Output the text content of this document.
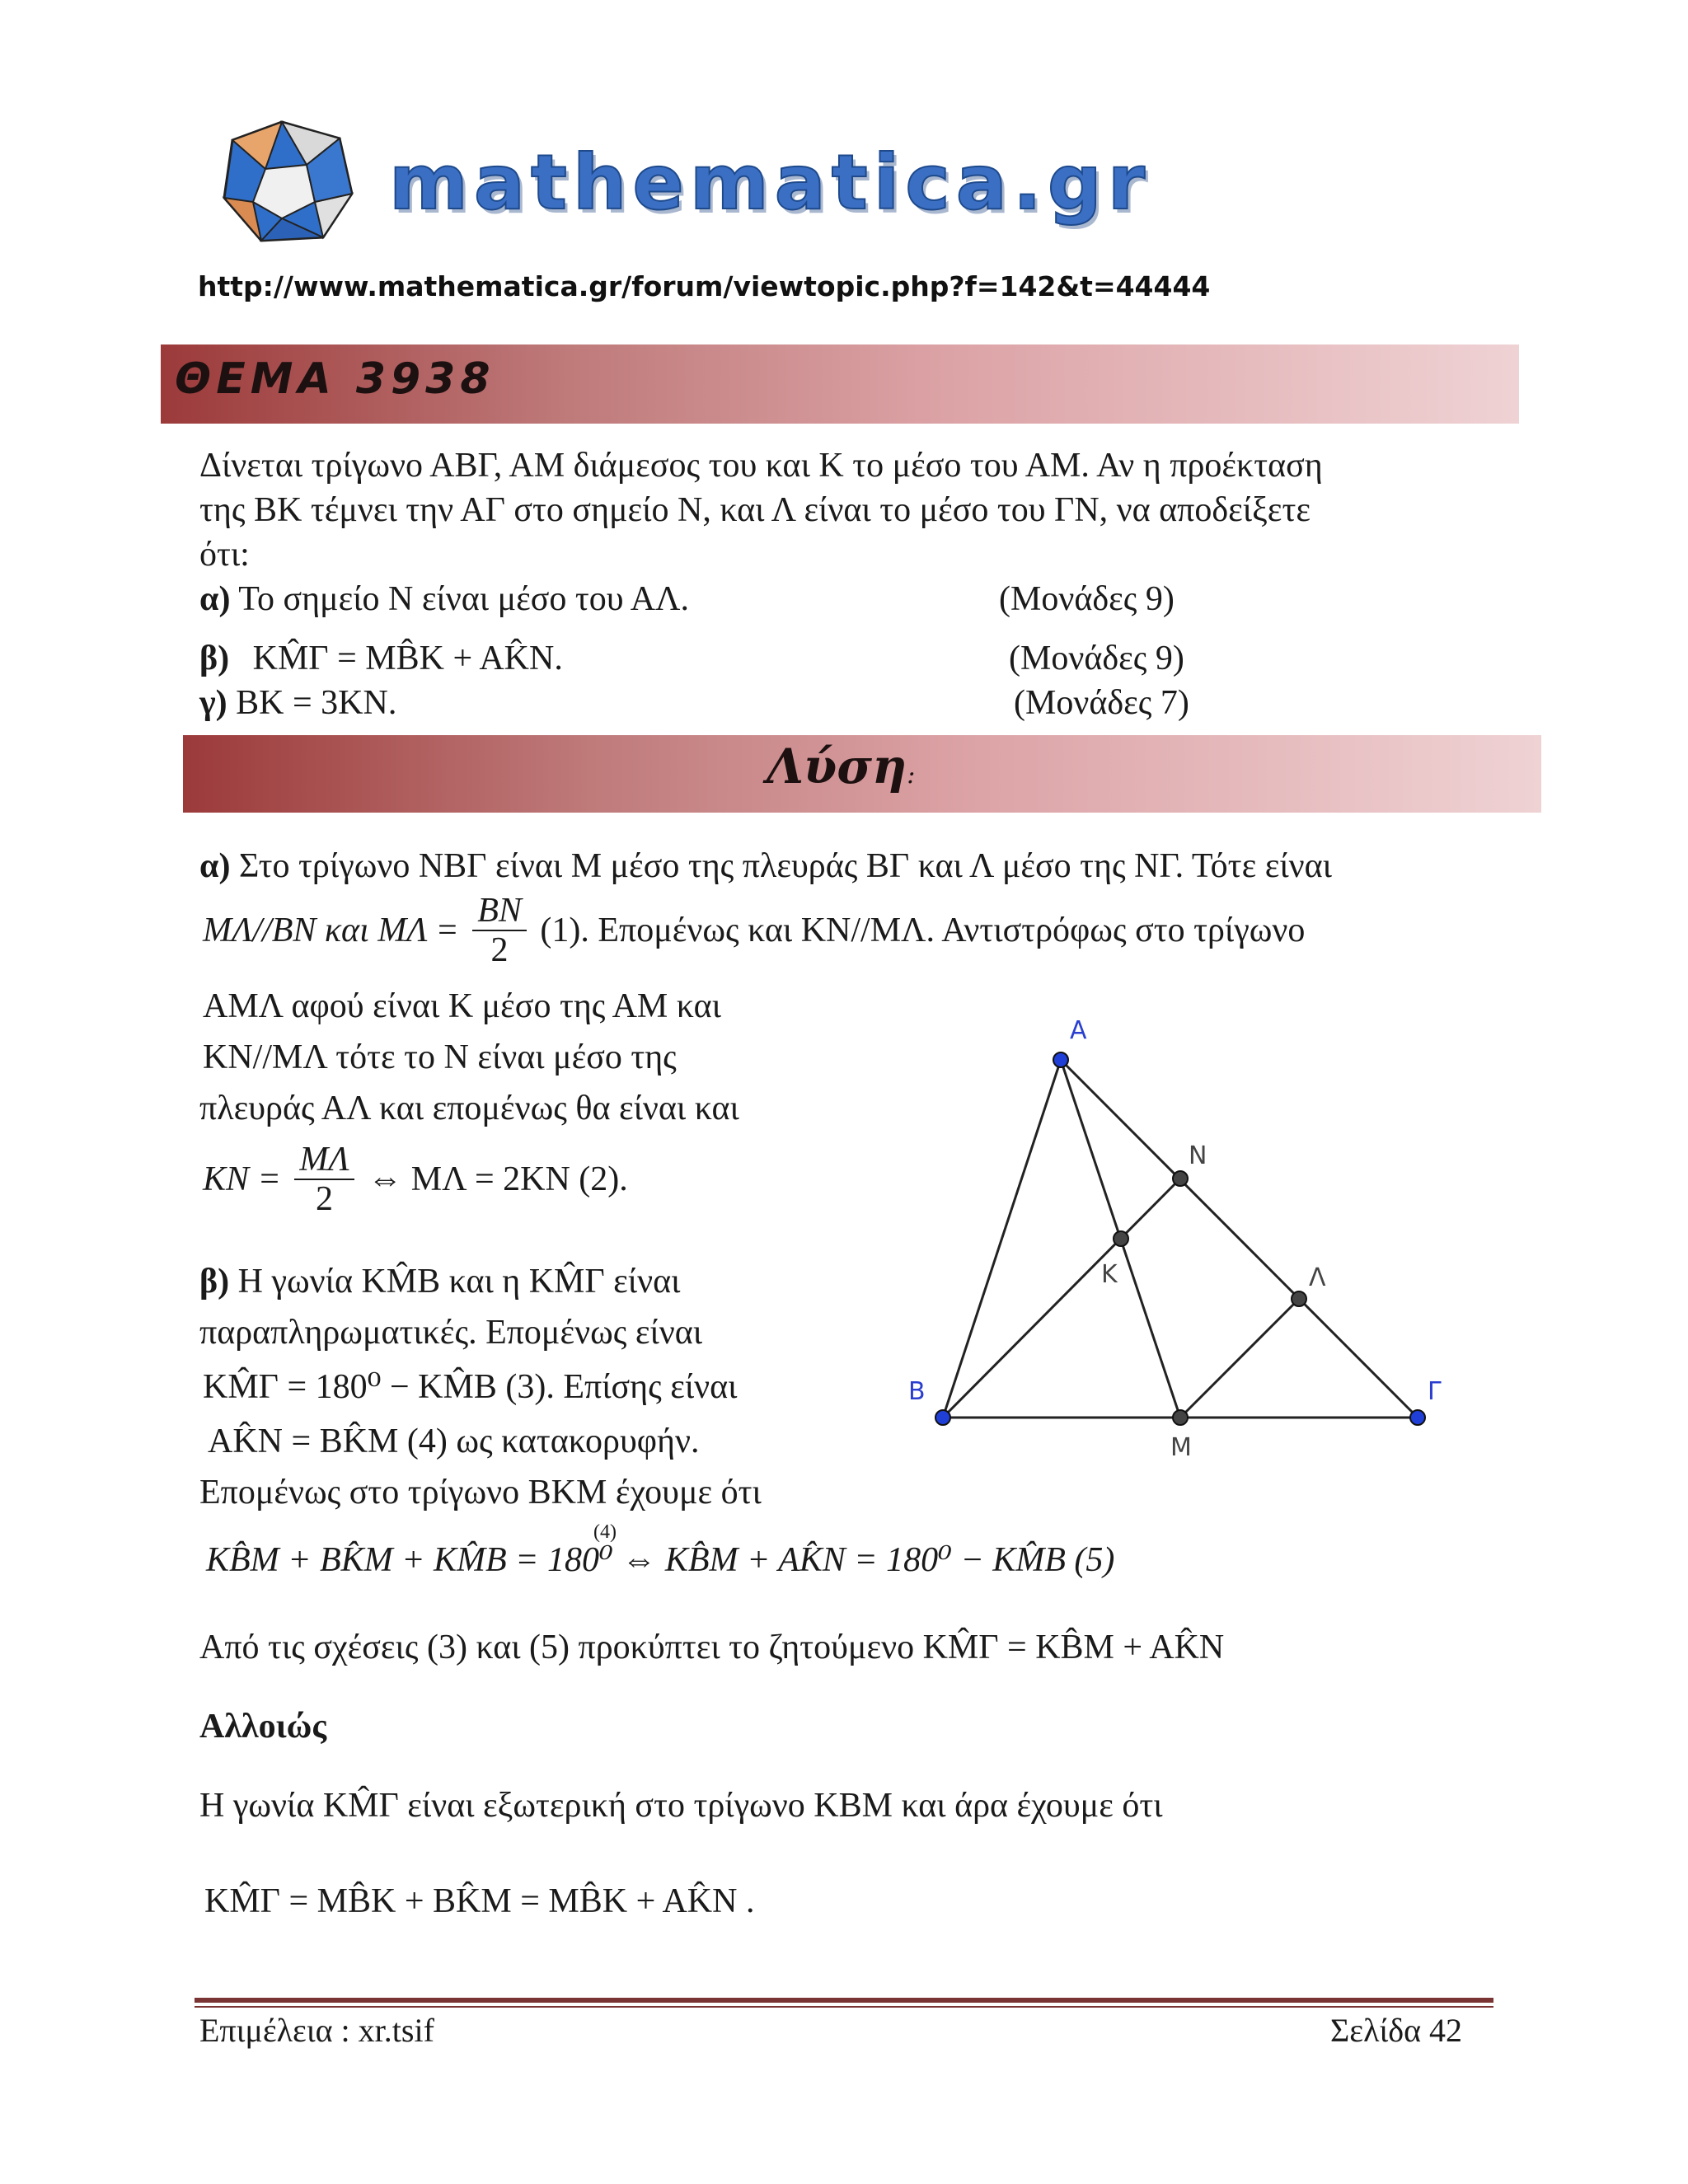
mathematica.gr
http://www.mathematica.gr/forum/viewtopic.php?f=142&t=44444
ΘΕΜΑ 3938
Δίνεται τρίγωνο ΑΒΓ, ΑΜ διάμεσος του και Κ το μέσο του ΑΜ. Αν η προέκταση
της ΒΚ τέμνει την ΑΓ στο σημείο Ν, και Λ είναι το μέσο του ΓΝ, να αποδείξετε
ότι:
α) Το σημείο Ν είναι μέσο του ΑΛ.	(Μονάδες 9)
β) ΚM̂Γ = MB̂K + AK̂N.	(Μονάδες 9)
γ) BK = 3KN.	(Μονάδες 7)
Λύση:
α) Στο τρίγωνο ΝΒΓ είναι Μ μέσο της πλευράς ΒΓ και Λ μέσο της ΝΓ. Τότε είναι
ΜΛ//ΒΝ και $M\Lambda = \frac{BN}{2} (1)$. Επομένως και ΚΝ//ΜΛ. Αντιστρόφως στο τρίγωνο
ΑΜΛ αφού είναι Κ μέσο της ΑΜ και
ΚΝ//ΜΛ τότε το Ν είναι μέσο της
πλευράς ΑΛ και επομένως θα είναι και
$KN = \frac{M\Lambda}{2}$ ⇔ ΜΛ = 2ΚΝ (2).
β) Η γωνία ΚM̂Β και η ΚM̂Γ είναι
παραπληρωματικές. Επομένως είναι
ΚM̂Γ = 180⁰ − ΚM̂Β (3). Επίσης είναι
ΑK̂Ν = ΒK̂Μ (4) ως κατακορυφήν.
Επομένως στο τρίγωνο ΒΚΜ έχουμε ότι
(4)
KB̂M + BK̂M + KM̂B = 180⁰ ⇔ KB̂M + AK̂N = 180⁰ − KM̂B (5)
Από τις σχέσεις (3) και (5) προκύπτει το ζητούμενο KM̂Γ = KB̂M + AK̂N
Αλλοιώς
Η γωνία ΚM̂Γ είναι εξωτερική στο τρίγωνο ΚΒΜ και άρα έχουμε ότι
ΚM̂Γ = MB̂K + BK̂M = MB̂K + AK̂N .
A
B	Γ
M
K
N
Λ
Επιμέλεια : xr.tsif	Σελίδα 42
